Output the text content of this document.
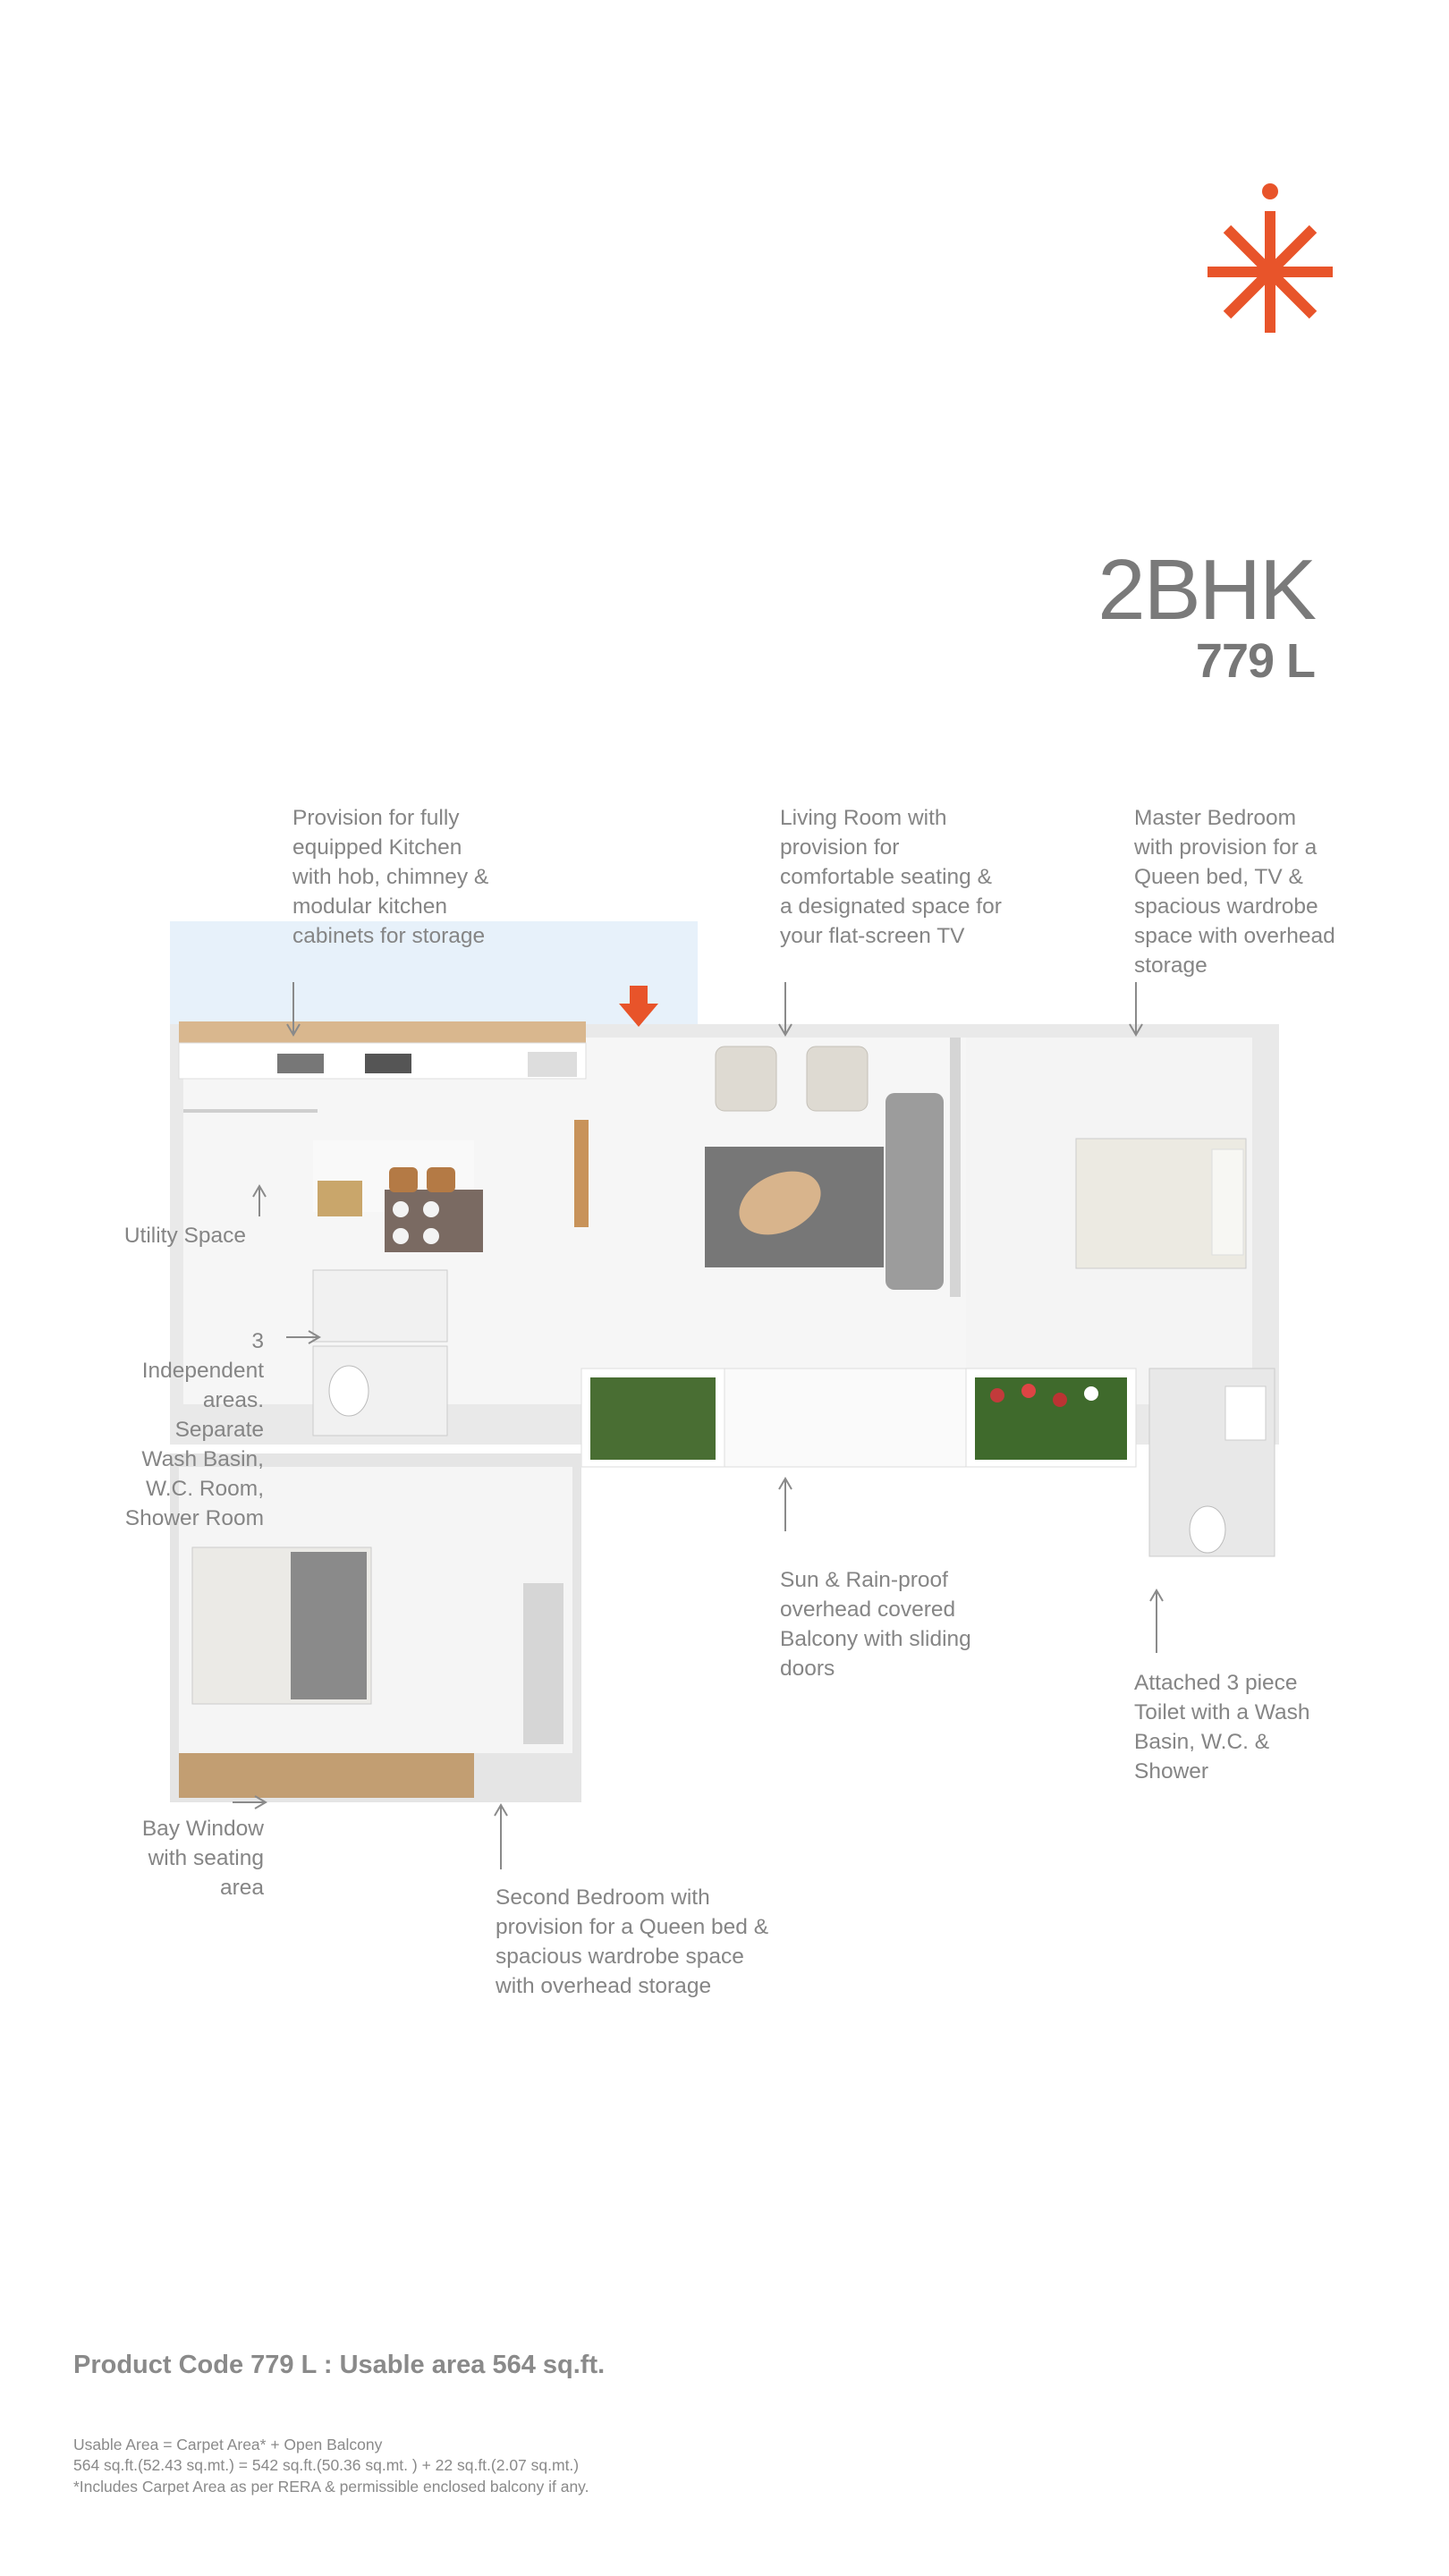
2BHK
779 L
Provision for fully
equipped Kitchen
with hob, chimney &
modular kitchen
cabinets for storage
Living Room with
provision for
comfortable seating &
a designated space for
your flat-screen TV
Master Bedroom
with provision for a
Queen bed, TV &
spacious wardrobe
space with overhead
storage
Utility Space
3
Independent
areas.
Separate
Wash Basin,
W.C. Room,
Shower Room
Sun & Rain-proof
overhead covered
Balcony with sliding
doors
Attached 3 piece
Toilet with a Wash
Basin, W.C. &
Shower
Bay Window
with seating
area	Second Bedroom with
provision for a Queen bed &
spacious wardrobe space
with overhead storage
Product Code 779 L : Usable area 564 sq.ft.
Usable Area = Carpet Area* + Open Balcony
564 sq.ft.(52.43 sq.mt.) = 542 sq.ft.(50.36 sq.mt. ) + 22 sq.ft.(2.07 sq.mt.)
*Includes Carpet Area as per RERA & permissible enclosed balcony if any.
